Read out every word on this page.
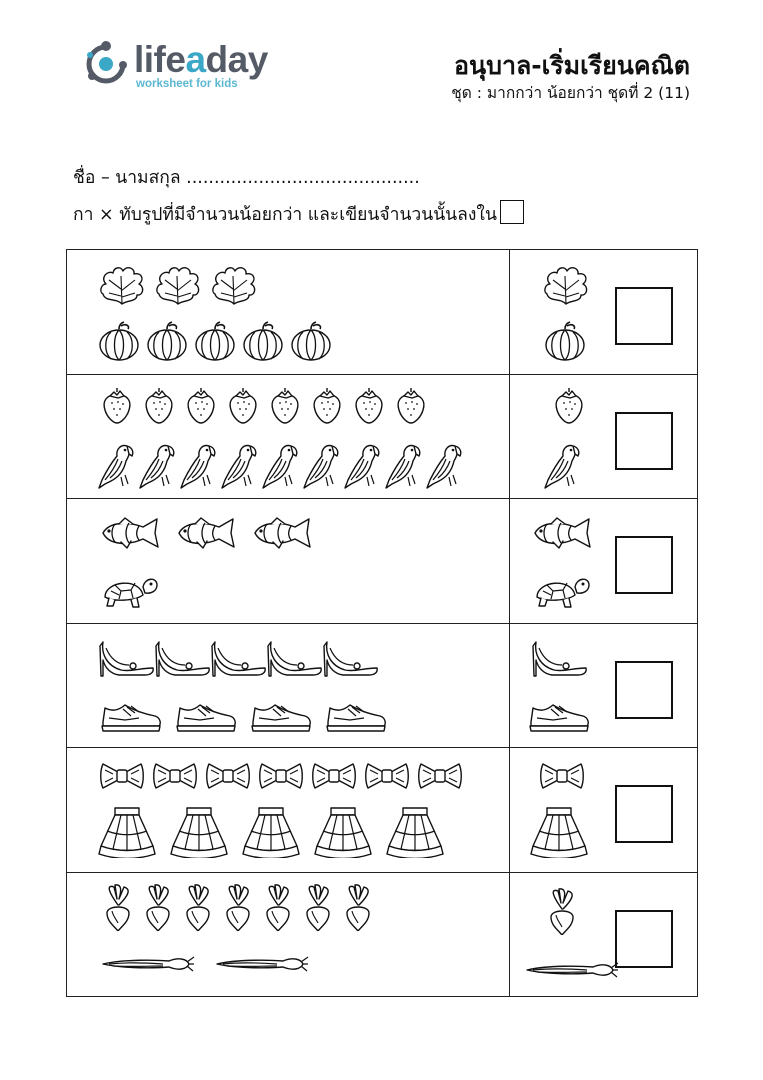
lifeaday
worksheet for kids
อนุบาล-เริ่มเรียนคณิต
ชุด : มากกว่า น้อยกว่า ชุดที่ 2 (11)
ชื่อ – นามสกุล ..........................................
กา × ทับรูปที่มีจำนวนน้อยกว่า และเขียนจำนวนนั้นลงใน
